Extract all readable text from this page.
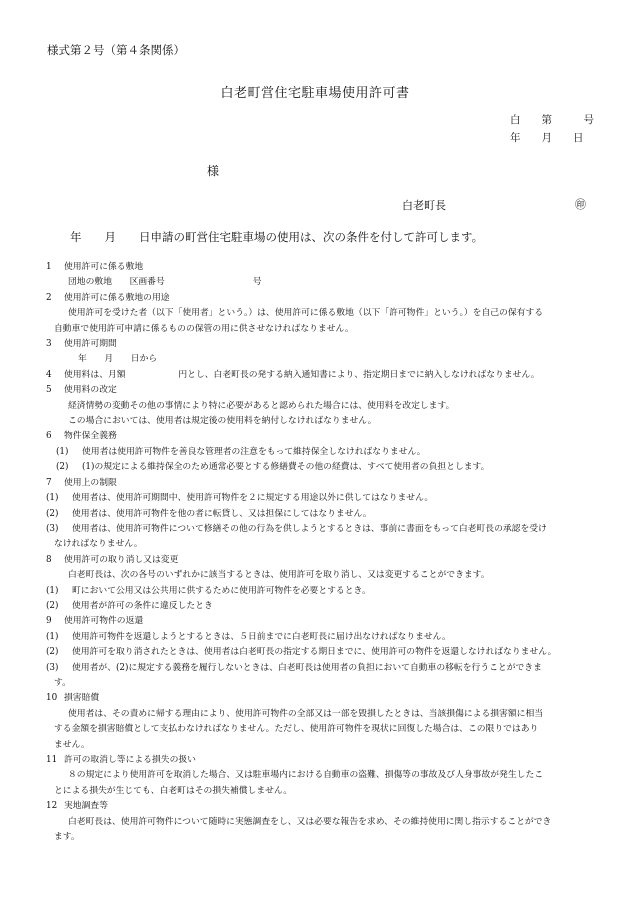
様式第２号（第４条関係）
白老町営住宅駐車場使用許可書
白　　第　　　号
年　　月　　日
様
白老町長	㊞
年　　月　　日申請の町営住宅駐車場の使用は、次の条件を付して許可します。
1 使用許可に係る敷地
団地の敷地　　区画番号　　　　　　　　　　号
2 使用許可に係る敷地の用途
使用許可を受けた者（以下「使用者」という。）は、使用許可に係る敷地（以下「許可物件」という。）を自己の保有する
自動車で使用許可申請に係るものの保管の用に供させなければなりません。
3 使用許可期間
年　　月　　日から
4 使用料は、月額　　　　　　円とし、白老町長の発する納入通知書により、指定期日までに納入しなければなりません。
5 使用料の改定
経済情勢の変動その他の事情により特に必要があると認められた場合には、使用料を改定します。
この場合においては、使用者は規定後の使用料を納付しなければなりません。
6 物件保全義務
(1) 使用者は使用許可物件を善良な管理者の注意をもって維持保全しなければなりません。
(2) (1)の規定による維持保全のため通常必要とする修繕費その他の経費は、すべて使用者の負担とします。
7 使用上の制限
(1) 使用者は、使用許可期間中、使用許可物件を２に規定する用途以外に供してはなりません。
(2) 使用者は、使用許可物件を他の者に転貸し、又は担保にしてはなりません。
(3) 使用者は、使用許可物件について修繕その他の行為を供しようとするときは、事前に書面をもって白老町長の承認を受け
なければなりません。
8 使用許可の取り消し又は変更
白老町長は、次の各号のいずれかに該当するときは、使用許可を取り消し、又は変更することができます。
(1) 町において公用又は公共用に供するために使用許可物件を必要とするとき。
(2) 使用者が許可の条件に違反したとき
9 使用許可物件の返還
(1) 使用許可物件を返還しようとするときは、５日前までに白老町長に届け出なければなりません。
(2) 使用許可を取り消されたときは、使用者は白老町長の指定する期日までに、使用許可の物件を返還しなければなりません。
(3) 使用者が、(2)に規定する義務を履行しないときは、白老町長は使用者の負担において自動車の移転を行うことができま
す。
10 損害賠償
使用者は、その責めに帰する理由により、使用許可物件の全部又は一部を毀損したときは、当該損傷による損害額に相当
する金額を損害賠償として支払わなければなりません。ただし、使用許可物件を現状に回復した場合は、この限りではあり
ません。
11 許可の取消し等による損失の扱い
８の規定により使用許可を取消した場合、又は駐車場内における自動車の盗難、損傷等の事故及び人身事故が発生したこ
とによる損失が生じても、白老町はその損失補償しません。
12 実地調査等
白老町長は、使用許可物件について随時に実態調査をし、又は必要な報告を求め、その維持使用に関し指示することができ
ます。
